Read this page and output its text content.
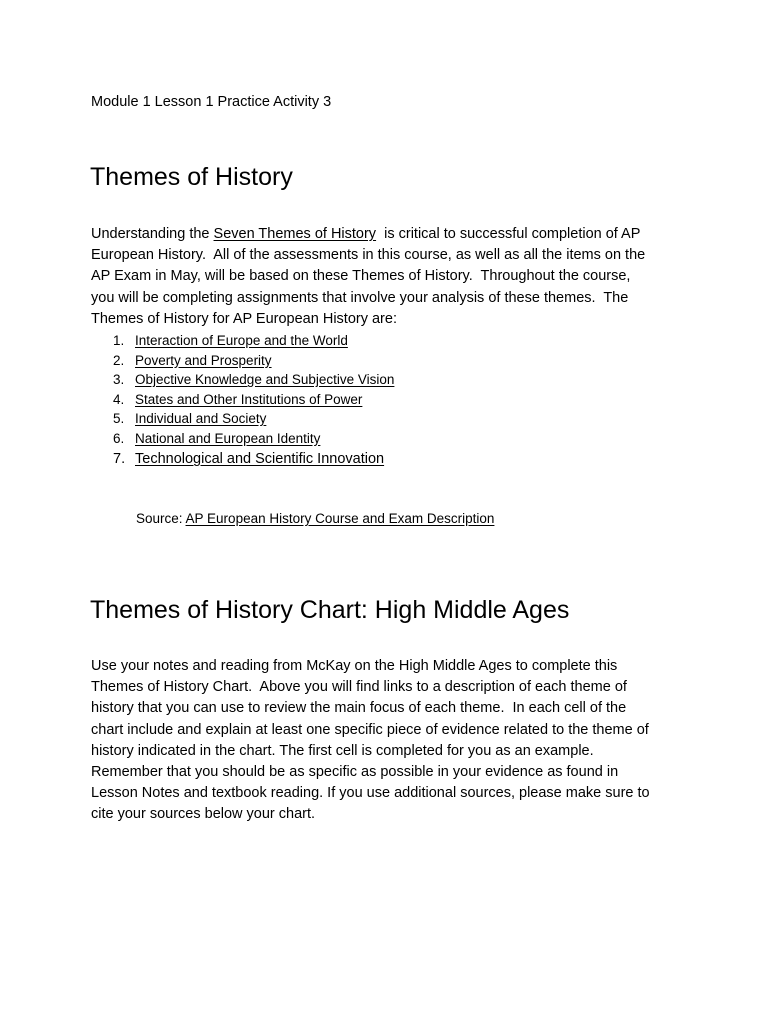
Module 1 Lesson 1 Practice Activity 3
Themes of History

Understanding the Seven Themes of History  is critical to successful completion of AP
European History.  All of the assessments in this course, as well as all the items on the
AP Exam in May, will be based on these Themes of History.  Throughout the course,
you will be completing assignments that involve your analysis of these themes.  The
Themes of History for AP European History are:

1. Interaction of Europe and the World
2. Poverty and Prosperity
3. Objective Knowledge and Subjective Vision
4. States and Other Institutions of Power
5. Individual and Society
6. National and European Identity
7. Technological and Scientific Innovation
Source: AP European History Course and Exam Description
Themes of History Chart: High Middle Ages

Use your notes and reading from McKay on the High Middle Ages to complete this
Themes of History Chart.  Above you will find links to a description of each theme of
history that you can use to review the main focus of each theme.  In each cell of the
chart include and explain at least one specific piece of evidence related to the theme of
history indicated in the chart. The first cell is completed for you as an example.
Remember that you should be as specific as possible in your evidence as found in
Lesson Notes and textbook reading. If you use additional sources, please make sure to
cite your sources below your chart.
